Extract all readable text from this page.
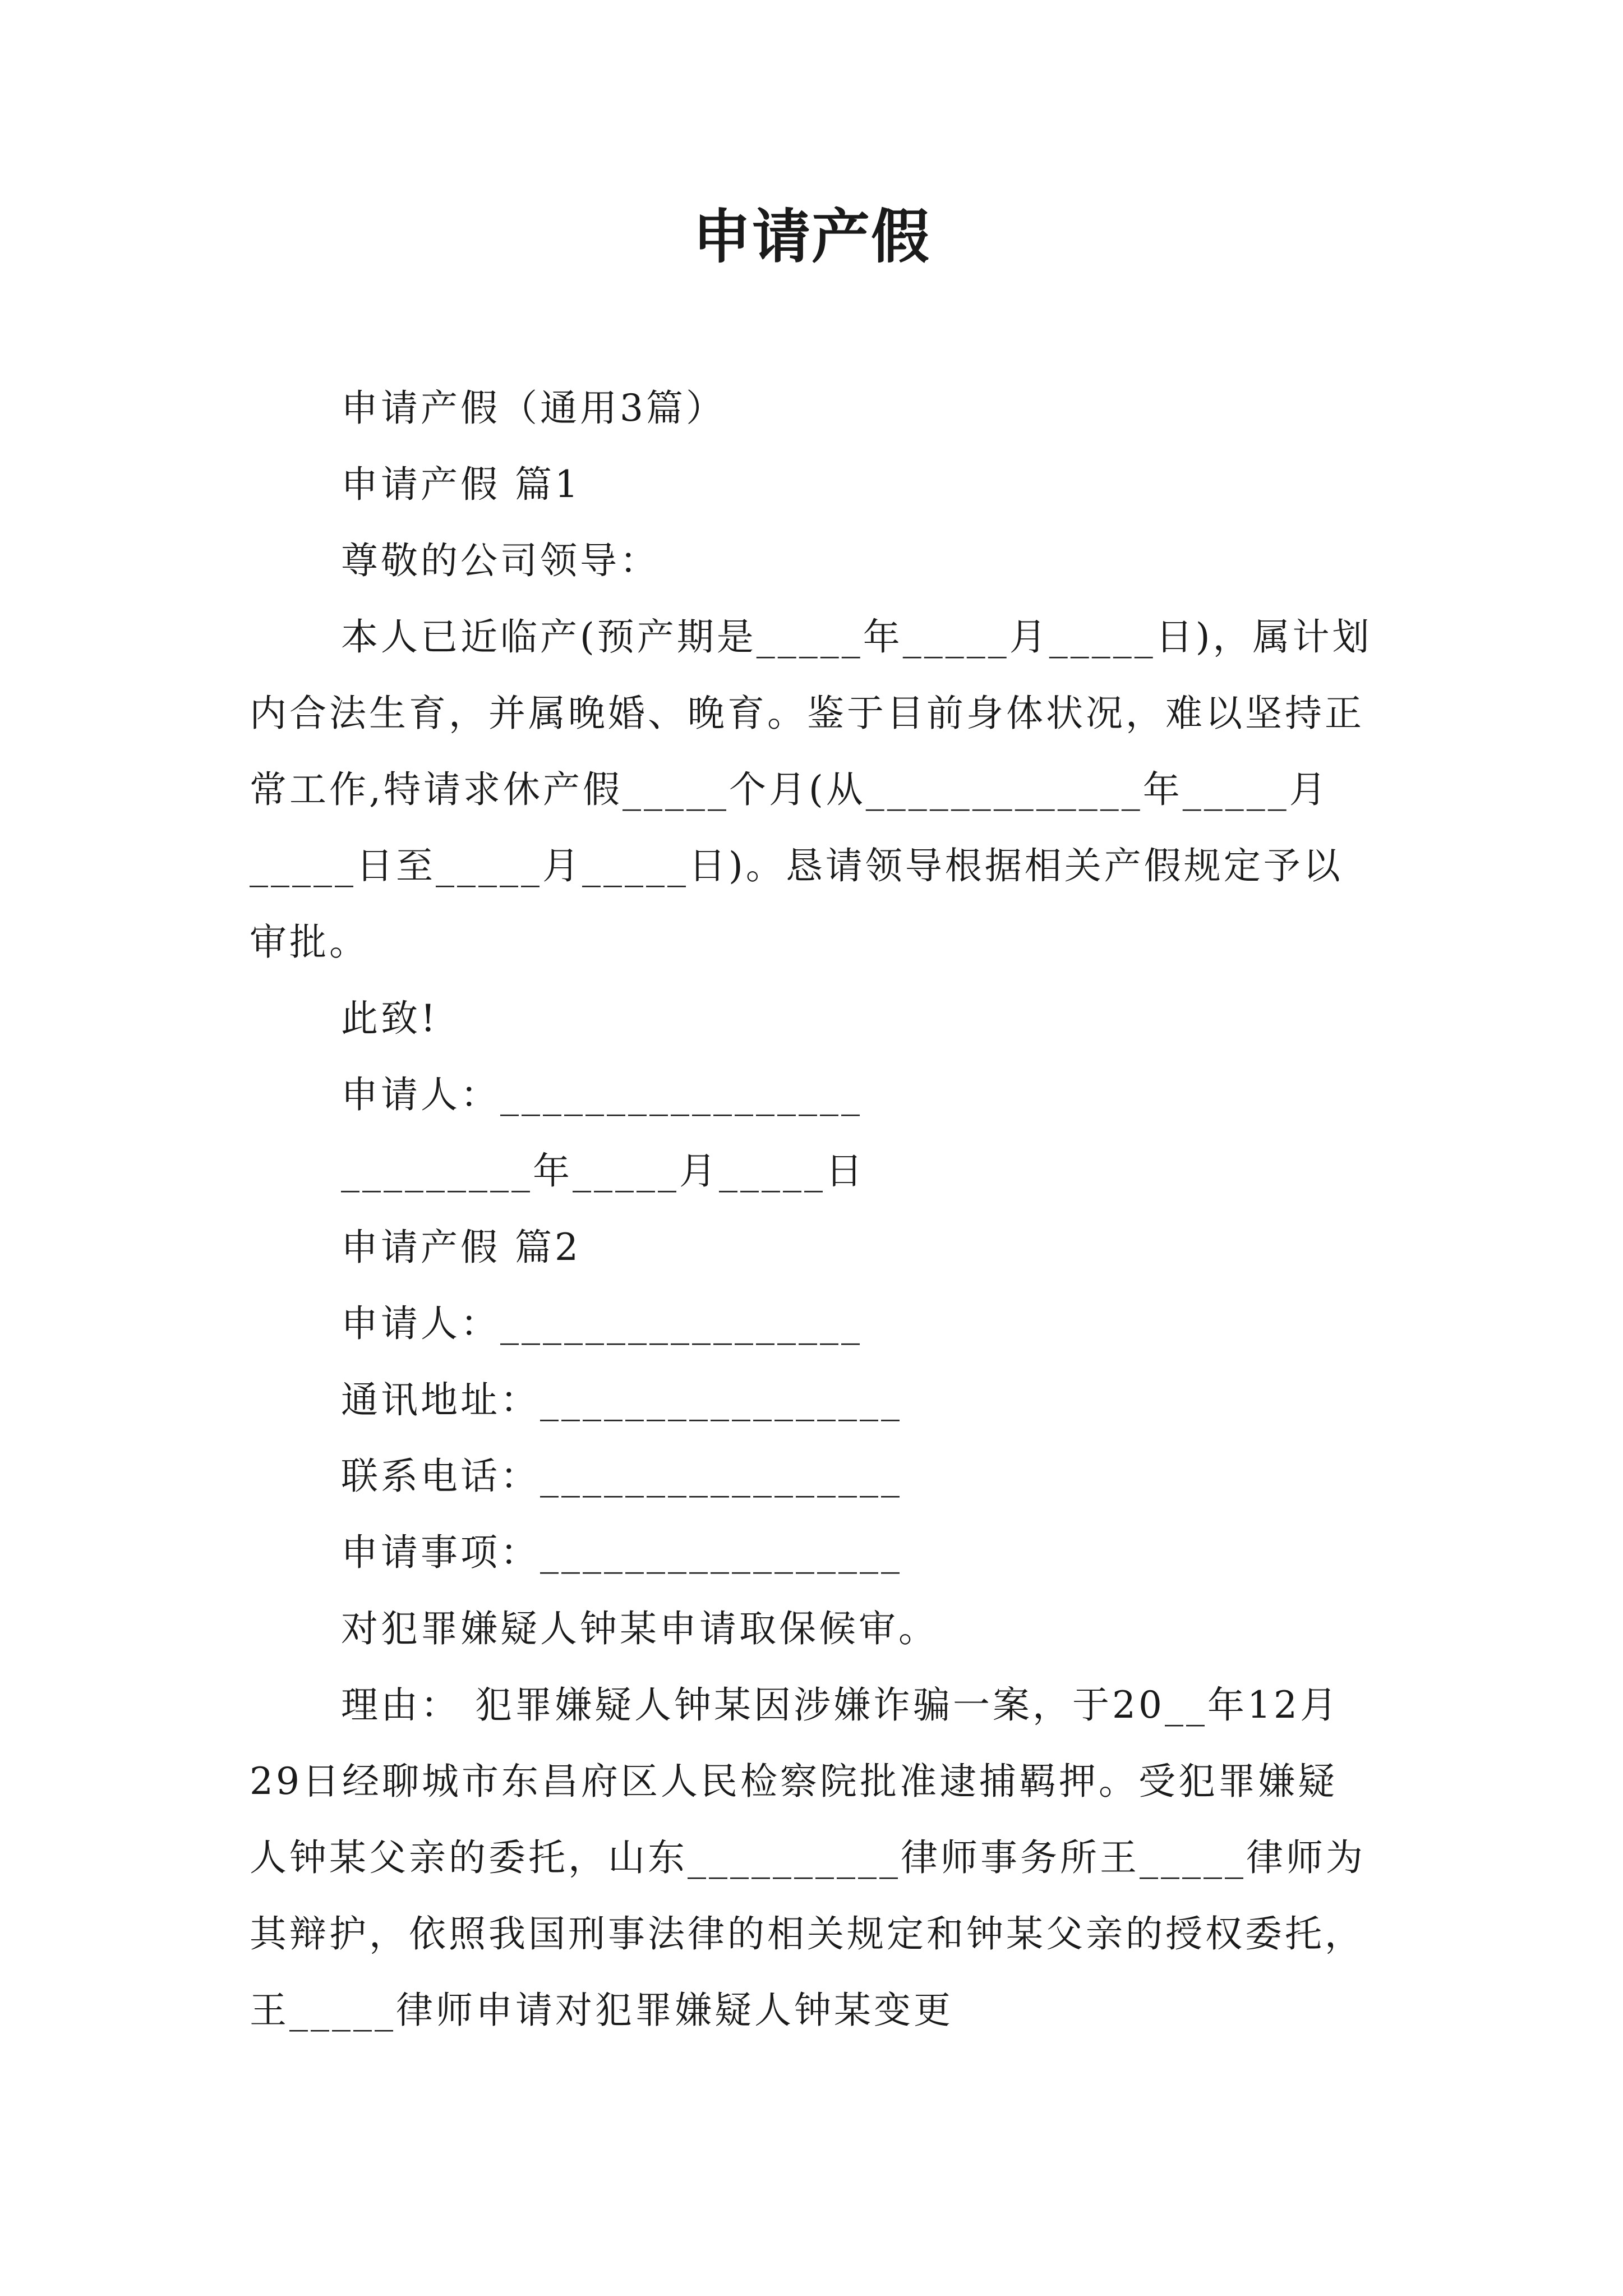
申请产假

申请产假（通用3篇）

申请产假 篇1

尊敬的公司领导：

本人已近临产(预产期是_____年_____月_____日)，属计划内合法生育，并属晚婚、晚育。鉴于目前身体状况，难以坚持正常工作,特请求休产假_____个月(从_____________年_____月_____日至_____月_____日)。恳请领导根据相关产假规定予以审批。

此致!

申请人：_________________

_________年_____月_____日

申请产假 篇2

申请人：_________________

通讯地址：_________________

联系电话：_________________

申请事项：_________________

对犯罪嫌疑人钟某申请取保候审。

理由： 犯罪嫌疑人钟某因涉嫌诈骗一案，于20__年12月29日经聊城市东昌府区人民检察院批准逮捕羁押。受犯罪嫌疑人钟某父亲的委托，山东__________律师事务所王_____律师为其辩护，依照我国刑事法律的相关规定和钟某父亲的授权委托，王_____律师申请对犯罪嫌疑人钟某变更
